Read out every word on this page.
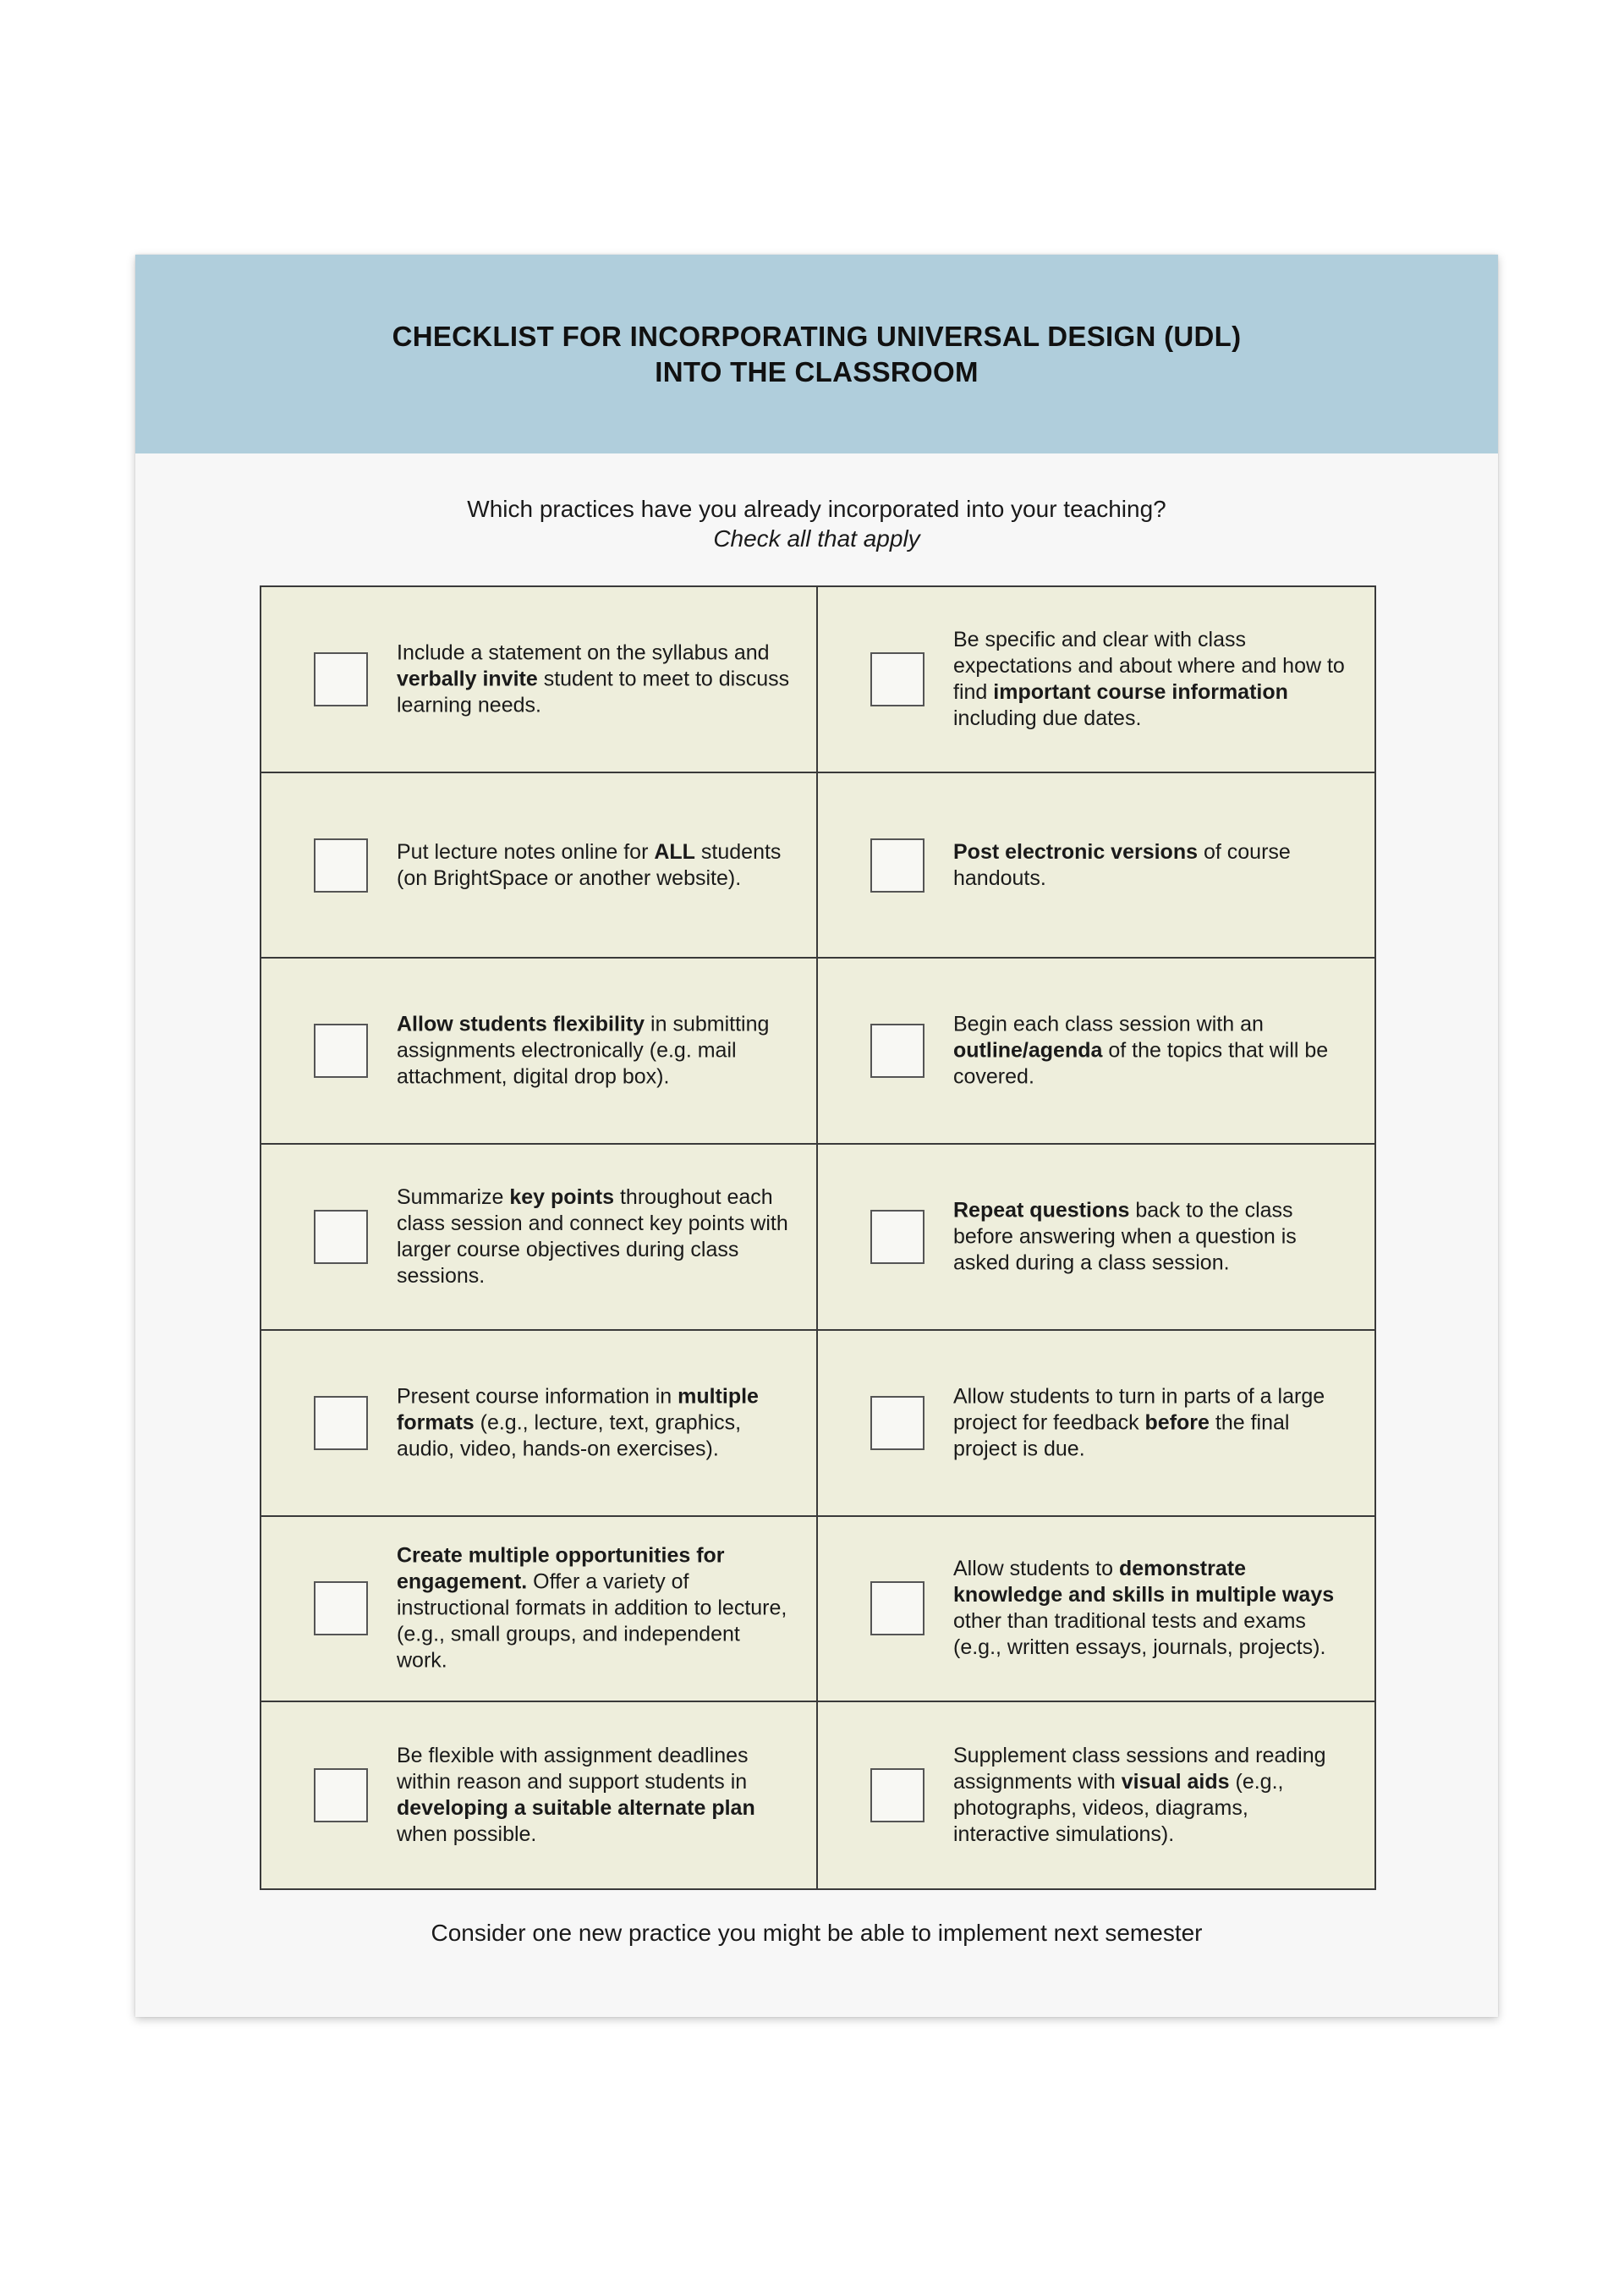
CHECKLIST FOR INCORPORATING UNIVERSAL DESIGN (UDL)
INTO THE CLASSROOM
Which practices have you already incorporated into your teaching?
Check all that apply
Include a statement on the syllabus and verbally invite student to meet to discuss learning needs.
Be specific and clear with class expectations and about where and how to find important course information including due dates.
Put lecture notes online for ALL students (on BrightSpace or another website).
Post electronic versions of course handouts.
Allow students flexibility in submitting assignments electronically (e.g. mail attachment, digital drop box).
Begin each class session with an outline/agenda of the topics that will be covered.
Summarize key points throughout each class session and connect key points with larger course objectives during class sessions.
Repeat questions back to the class before answering when a question is asked during a class session.
Present course information in multiple formats (e.g., lecture, text, graphics, audio, video, hands-on exercises).
Allow students to turn in parts of a large project for feedback before the final project is due.
Create multiple opportunities for engagement. Offer a variety of instructional formats in addition to lecture, (e.g., small groups, and independent work.
Allow students to demonstrate knowledge and skills in multiple ways other than traditional tests and exams (e.g., written essays, journals, projects).
Be flexible with assignment deadlines within reason and support students in developing a suitable alternate plan when possible.
Supplement class sessions and reading assignments with visual aids (e.g., photographs, videos, diagrams, interactive simulations).
Consider one new practice you might be able to implement next semester
